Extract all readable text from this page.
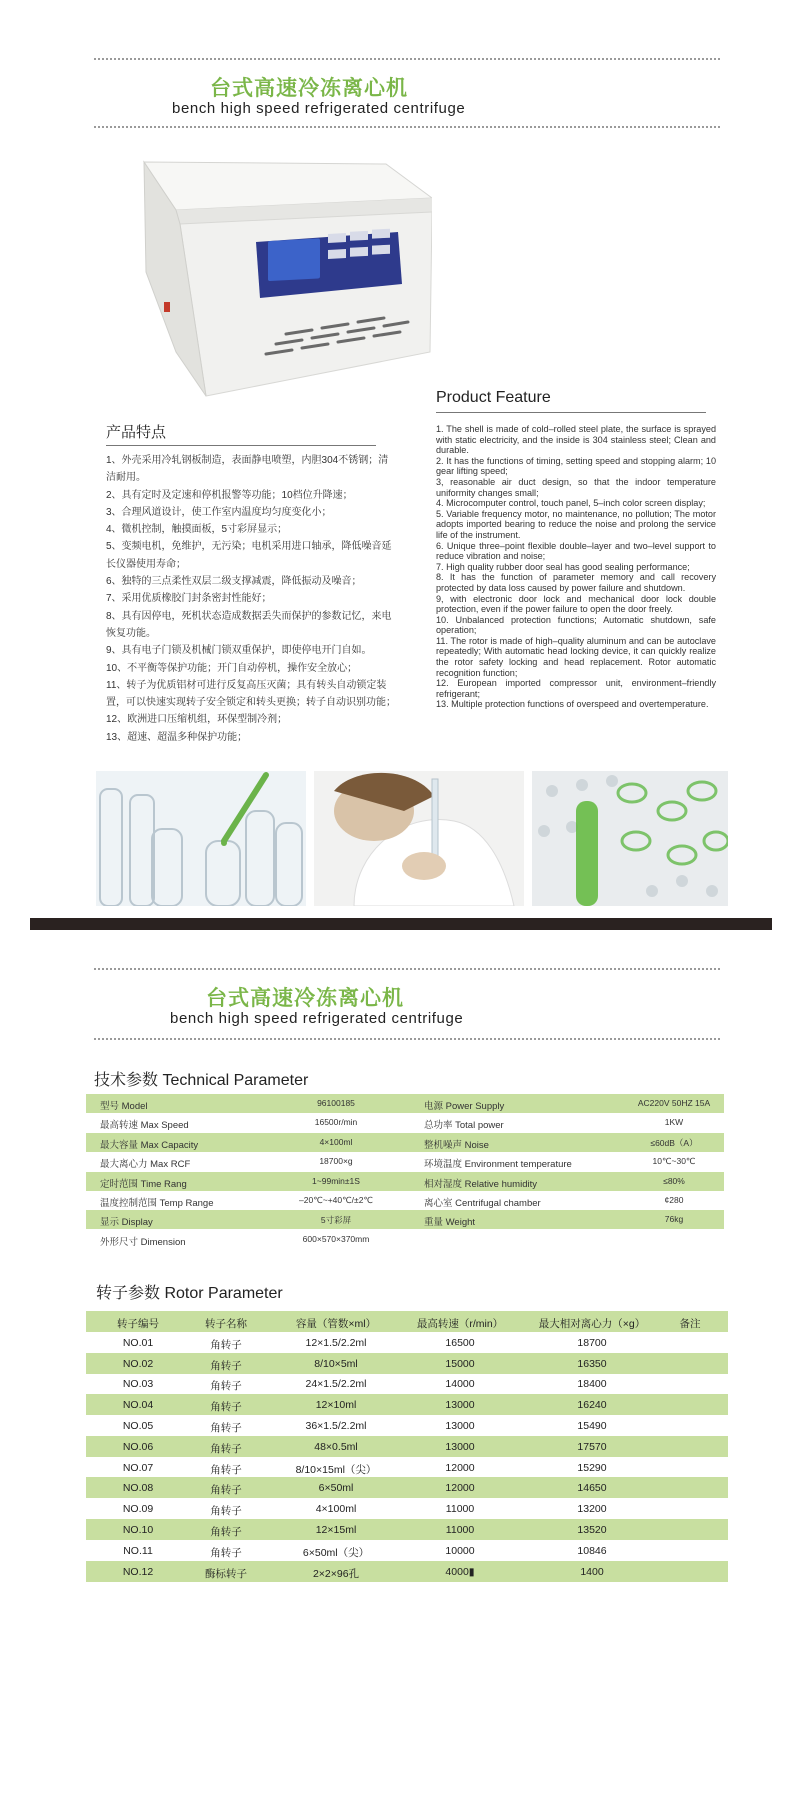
台式高速冷冻离心机
bench high speed refrigerated centrifuge
Product Feature
1. The shell is made of cold–rolled steel plate, the surface is sprayed with static electricity, and the inside is 304 stainless steel; Clean and durable.
2. It has the functions of timing, setting speed and stopping alarm; 10 gear lifting speed;
3, reasonable air duct design, so that the indoor temperature uniformity changes small;
4. Microcomputer control, touch panel, 5–inch color screen display;
5. Variable frequency motor, no maintenance, no pollution; The motor adopts imported bearing to reduce the noise and prolong the service life of the instrument.
6. Unique three–point flexible double–layer and two–level support to reduce vibration and noise;
7. High quality rubber door seal has good sealing performance;
8. It has the function of parameter memory and call recovery protected by data loss caused by power failure and shutdown.
9, with electronic door lock and mechanical door lock double protection, even if the power failure to open the door freely.
10. Unbalanced protection functions; Automatic shutdown, safe operation;
11. The rotor is made of high–quality aluminum and can be autoclave repeatedly; With automatic head locking device, it can quickly realize the rotor safety locking and head replacement. Rotor automatic recognition function;
12. European imported compressor unit, environment–friendly refrigerant;
13. Multiple protection functions of overspeed and overtemperature.
产品特点
1、外壳采用冷轧钢板制造，表面静电喷塑，内胆304不锈钢；清洁耐用。
2、具有定时及定速和停机报警等功能；10档位升降速；
3、合理风道设计，使工作室内温度均匀度变化小；
4、微机控制，触摸面板，5寸彩屏显示；
5、变频电机，免维护，无污染；电机采用进口轴承，降低噪音延长仪器使用寿命；
6、独特的三点柔性双层二级支撑减震，降低振动及噪音；
7、采用优质橡胶门封条密封性能好；
8、具有因停电，死机状态造成数据丢失而保护的参数记忆，来电恢复功能。
9、具有电子门锁及机械门锁双重保护，即使停电开门自如。
10、不平衡等保护功能；开门自动停机，操作安全放心；
11、转子为优质铝材可进行反复高压灭菌；具有转头自动锁定装置，可以快速实现转子安全锁定和转头更换；转子自动识别功能；
12、欧洲进口压缩机组，环保型制冷剂；
13、超速、超温多种保护功能；
台式高速冷冻离心机
bench high speed refrigerated centrifuge
技术参数 Technical Parameter
型号 Model	96100185	电源 Power Supply	AC220V 50HZ 15A
最高转速 Max Speed	16500r/min	总功率 Total power	1KW
最大容量 Max Capacity	4×100ml	整机噪声 Noise	≤60dB（A）
最大离心力 Max RCF	18700×g	环境温度 Environment temperature	10℃~30℃
定时范围 Time Rang	1~99min±1S	相对湿度 Relative humidity	≤80%
温度控制范围 Temp Range	–20℃~+40℃/±2℃	离心室 Centrifugal chamber	¢280
显示 Display	5寸彩屏	重量 Weight	76kg
外形尺寸 Dimension	600×570×370mm
转子参数 Rotor Parameter
转子编号	转子名称	容量（管数×ml）	最高转速（r/min）	最大相对离心力（×g）	备注
NO.01	角转子	12×1.5/2.2ml	16500	18700
NO.02	角转子	8/10×5ml	15000	16350
NO.03	角转子	24×1.5/2.2ml	14000	18400
NO.04	角转子	12×10ml	13000	16240
NO.05	角转子	36×1.5/2.2ml	13000	15490
NO.06	角转子	48×0.5ml	13000	17570
NO.07	角转子	8/10×15ml（尖）	12000	15290
NO.08	角转子	6×50ml	12000	14650
NO.09	角转子	4×100ml	11000	13200
NO.10	角转子	12×15ml	11000	13520
NO.11	角转子	6×50ml（尖）	10000	10846
NO.12	酶标转子	2×2×96孔	4000▮	1400
